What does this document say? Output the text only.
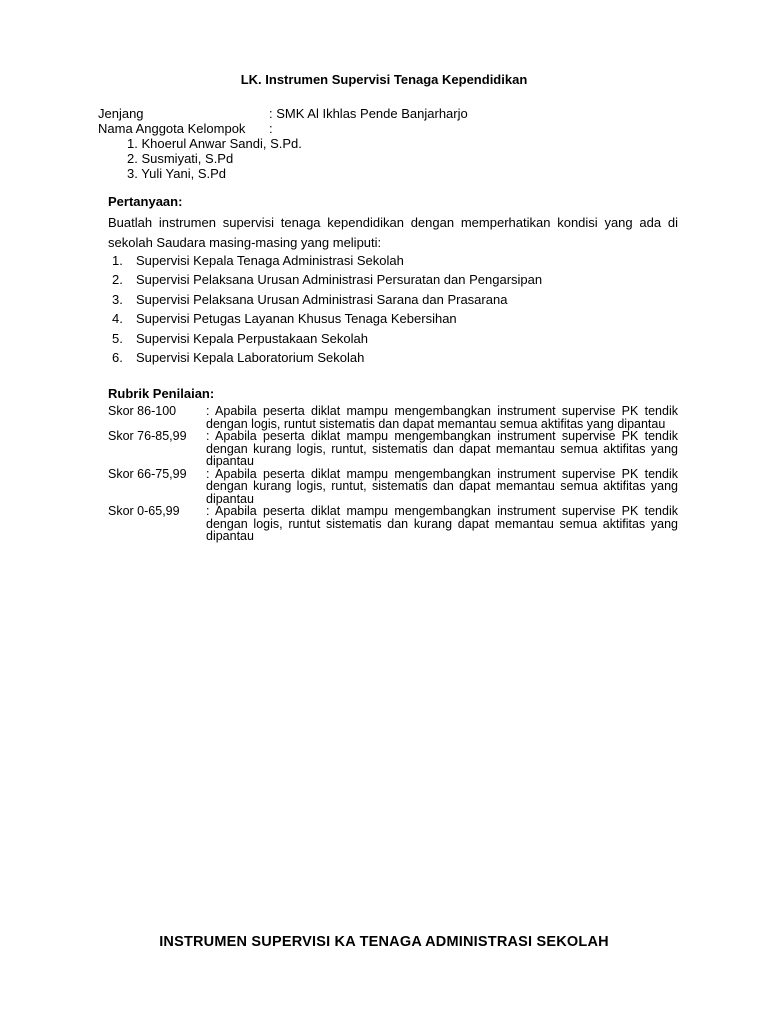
LK. Instrumen Supervisi Tenaga Kependidikan
Jenjang	: SMK Al Ikhlas Pende Banjarharjo
Nama Anggota Kelompok :
1. Khoerul Anwar Sandi, S.Pd.
2. Susmiyati, S.Pd
3. Yuli Yani, S.Pd
Pertanyaan:
Buatlah instrumen supervisi tenaga kependidikan dengan memperhatikan kondisi yang ada di sekolah Saudara masing-masing yang meliputi:
1. Supervisi Kepala Tenaga Administrasi Sekolah
2. Supervisi Pelaksana Urusan Administrasi Persuratan dan Pengarsipan
3. Supervisi Pelaksana Urusan Administrasi Sarana dan Prasarana
4. Supervisi Petugas Layanan Khusus Tenaga Kebersihan
5. Supervisi Kepala Perpustakaan Sekolah
6. Supervisi Kepala Laboratorium Sekolah
Rubrik Penilaian:
Skor 86-100 : Apabila peserta diklat mampu mengembangkan instrument supervise PK tendik dengan logis, runtut sistematis dan dapat memantau semua aktifitas yang dipantau
Skor 76-85,99 : Apabila peserta diklat mampu mengembangkan instrument supervise PK tendik dengan kurang logis, runtut, sistematis dan dapat memantau semua aktifitas yang dipantau
Skor 66-75,99 : Apabila peserta diklat mampu mengembangkan instrument supervise PK tendik dengan kurang logis, runtut, sistematis dan dapat memantau semua aktifitas yang dipantau
Skor 0-65,99 : Apabila peserta diklat mampu mengembangkan instrument supervise PK tendik dengan logis, runtut sistematis dan kurang dapat memantau semua aktifitas yang dipantau
INSTRUMEN SUPERVISI KA TENAGA ADMINISTRASI SEKOLAH
